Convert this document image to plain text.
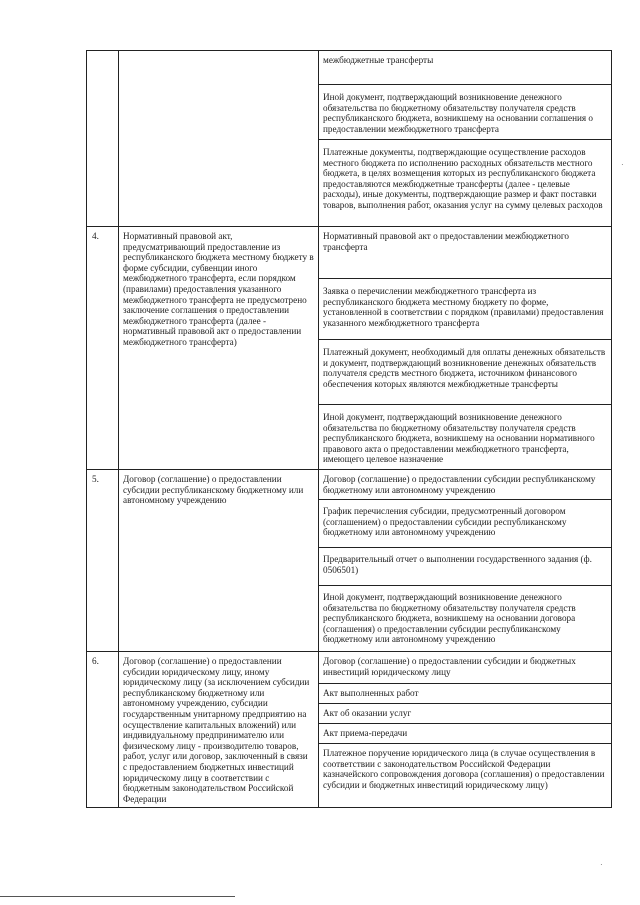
		межбюджетные трансферты
		Иной документ, подтверждающий возникновение денежного обязательства по бюджетному обязательству получателя средств республиканского бюджета, возникшему на основании соглашения о предоставлении межбюджетного трансферта
		Платежные документы, подтверждающие осуществление расходов местного бюджета по исполнению расходных обязательств местного бюджета, в целях возмещения которых из республиканского бюджета предоставляются межбюджетные трансферты (далее - целевые расходы), иные документы, подтверждающие размер и факт поставки товаров, выполнения работ, оказания услуг на сумму целевых расходов
4.	Нормативный правовой акт, предусматривающий предоставление из республиканского бюджета местному бюджету в форме субсидии, субвенции иного межбюджетного трансферта, если порядком (правилами) предоставления указанного межбюджетного трансферта не предусмотрено заключение соглашения о предоставлении межбюджетного трансферта (далее - нормативный правовой акт о предоставлении межбюджетного трансферта)	Нормативный правовой акт о предоставлении межбюджетного трансферта
		Заявка о перечислении межбюджетного трансферта из республиканского бюджета местному бюджету по форме, установленной в соответствии с порядком (правилами) предоставления указанного межбюджетного трансферта
		Платежный документ, необходимый для оплаты денежных обязательств и документ, подтверждающий возникновение денежных обязательств получателя средств местного бюджета, источником финансового обеспечения которых являются межбюджетные трансферты
		Иной документ, подтверждающий возникновение денежного обязательства по бюджетному обязательству получателя средств республиканского бюджета, возникшему на основании нормативного правового акта о предоставлении межбюджетного трансферта, имеющего целевое назначение
5.	Договор (соглашение) о предоставлении субсидии республиканскому бюджетному или автономному учреждению	Договор (соглашение) о предоставлении субсидии республиканскому бюджетному или автономному учреждению
		График перечисления субсидии, предусмотренный договором (соглашением) о предоставлении субсидии республиканскому бюджетному или автономному учреждению
		Предварительный отчет о выполнении государственного задания (ф. 0506501)
		Иной документ, подтверждающий возникновение денежного обязательства по бюджетному обязательству получателя средств республиканского бюджета, возникшему на основании договора (соглашения) о предоставлении субсидии республиканскому бюджетному или автономному учреждению
6.	Договор (соглашение) о предоставлении субсидии юридическому лицу, иному юридическому лицу (за исключением субсидии республиканскому бюджетному или автономному учреждению, субсидии государственным унитарному предприятию на осуществление капитальных вложений) или индивидуальному предпринимателю или физическому лицу - производителю товаров, работ, услуг или договор, заключенный в связи с предоставлением бюджетных инвестиций юридическому лицу в соответствии с бюджетным законодательством Российской Федерации	Договор (соглашение) о предоставлении субсидии и бюджетных инвестиций юридическому лицу
		Акт выполненных работ
		Акт об оказании услуг
		Акт приема-передачи
		Платежное поручение юридического лица (в случае осуществления в соответствии с законодательством Российской Федерации казначейского сопровождения договора (соглашения) о предоставлении субсидии и бюджетных инвестиций юридическому лицу)
·
·
